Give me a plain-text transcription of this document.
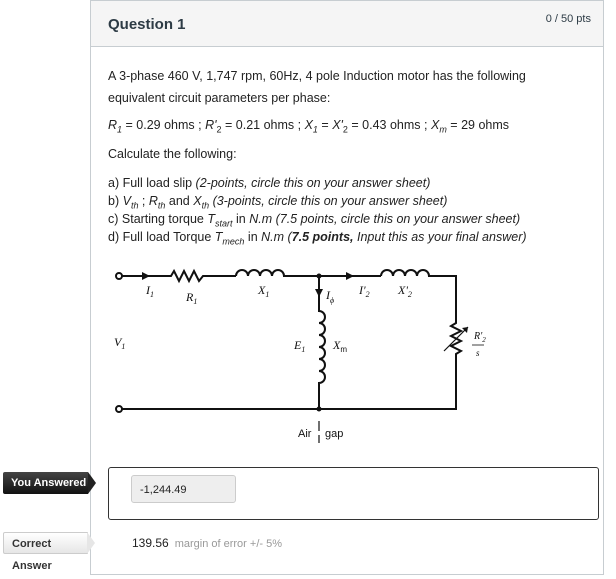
Question 1	0 / 50 pts
A 3-phase 460 V, 1,747 rpm, 60Hz, 4 pole Induction motor has the following
equivalent circuit parameters per phase:
$R_1 = 0.29$ ohms ; $R'_2 = 0.21$ ohms ; $X_1 = X'_2 = 0.43$ ohms ; $X_m = 29$ ohms
Calculate the following:
a) Full load slip (2-points, circle this on your answer sheet)
b) $V_{th}$ ; $R_{th}$ and $X_{th}$ (3-points, circle this on your answer sheet)
c) Starting torque $T_{start}$ in N.m (7.5 points, circle this on your answer sheet)
d) Full load Torque $T_{mech}$ in N.m (7.5 points, Input this as your final answer)
$I_1$	$R_1$
$X_1$	$I_\phi$
$I'_2$ $X'_2$
$V_1$	$E_1$ $X_m$
$R'_2$
s
Air gap
You Answered
-1,244.49
Correct Answer
139.56 margin of error +/- 5%
